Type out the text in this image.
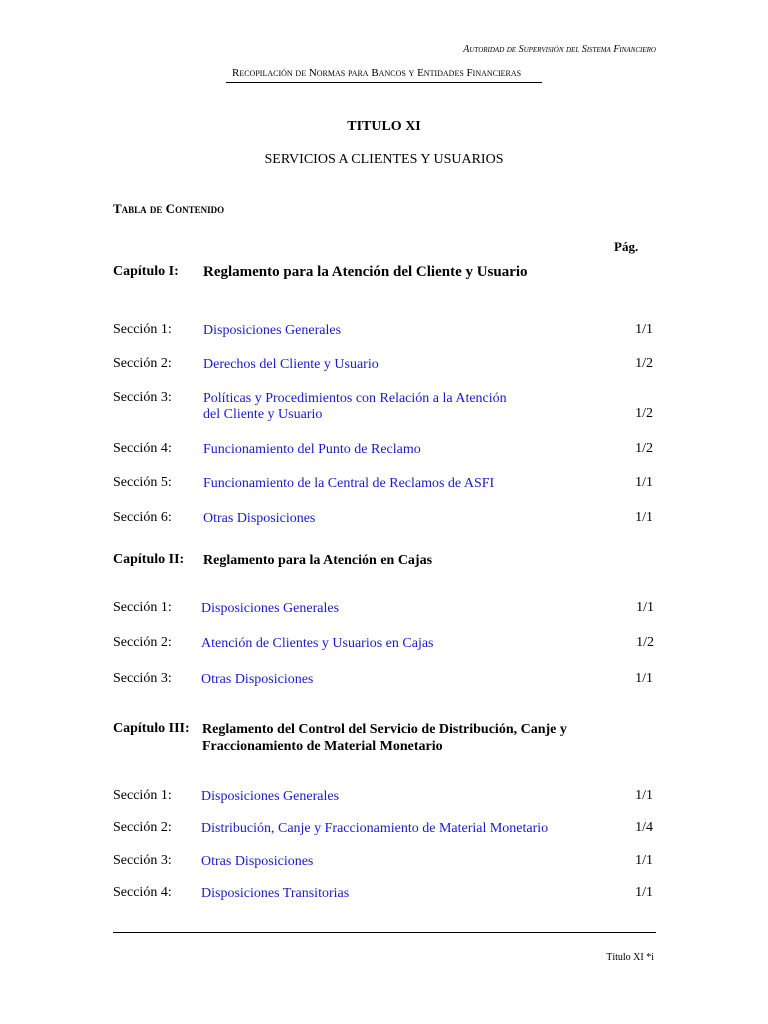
Autoridad de Supervisión del Sistema Financiero
Recopilación de Normas para Bancos y Entidades Financieras
TITULO XI
SERVICIOS A CLIENTES Y USUARIOS
Tabla de Contenido
Pág.
Capítulo I: Reglamento para la Atención del Cliente y Usuario
Sección 1: Disposiciones Generales	1/1
Sección 2: Derechos del Cliente y Usuario	1/2
Sección 3: Políticas y Procedimientos con Relación a la Atención
del Cliente y Usuario	1/2
Sección 4: Funcionamiento del Punto de Reclamo	1/2
Sección 5: Funcionamiento de la Central de Reclamos de ASFI	1/1
Sección 6: Otras Disposiciones	1/1
Capítulo II: Reglamento para la Atención en Cajas
Sección 1: Disposiciones Generales	1/1
Sección 2: Atención de Clientes y Usuarios en Cajas	1/2
Sección 3: Otras Disposiciones	1/1
Capítulo III: Reglamento del Control del Servicio de Distribución, Canje y
Fraccionamiento de Material Monetario
Sección 1: Disposiciones Generales	1/1
Sección 2: Distribución, Canje y Fraccionamiento de Material Monetario	1/4
Sección 3: Otras Disposiciones	1/1
Sección 4: Disposiciones Transitorias	1/1
Título XI *i
